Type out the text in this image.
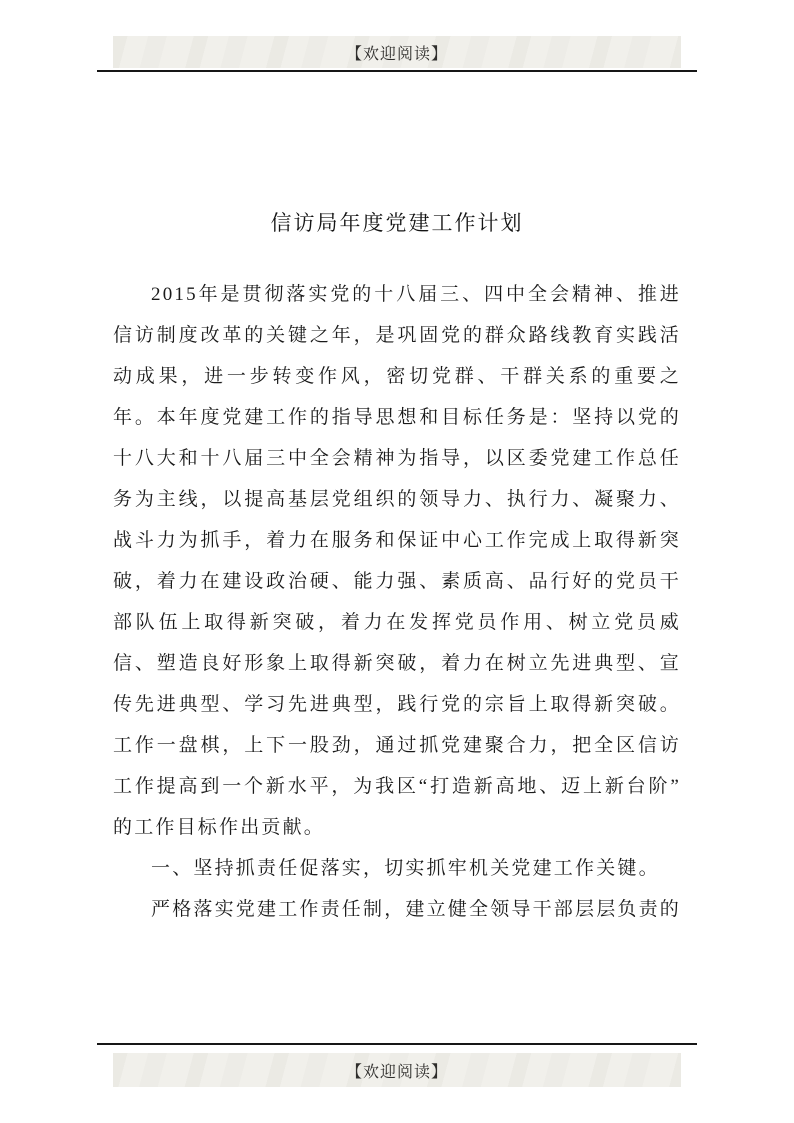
【欢迎阅读】
信访局年度党建工作计划

2015年是贯彻落实党的十八届三、四中全会精神、推进信访制度改革的关键之年，是巩固党的群众路线教育实践活动成果，进一步转变作风，密切党群、干群关系的重要之年。本年度党建工作的指导思想和目标任务是：坚持以党的十八大和十八届三中全会精神为指导，以区委党建工作总任务为主线，以提高基层党组织的领导力、执行力、凝聚力、战斗力为抓手，着力在服务和保证中心工作完成上取得新突破，着力在建设政治硬、能力强、素质高、品行好的党员干部队伍上取得新突破，着力在发挥党员作用、树立党员威信、塑造良好形象上取得新突破，着力在树立先进典型、宣传先进典型、学习先进典型，践行党的宗旨上取得新突破。工作一盘棋，上下一股劲，通过抓党建聚合力，把全区信访工作提高到一个新水平，为我区“打造新高地、迈上新台阶”的工作目标作出贡献。

一、坚持抓责任促落实，切实抓牢机关党建工作关键。

严格落实党建工作责任制，建立健全领导干部层层负责的

【欢迎阅读】
